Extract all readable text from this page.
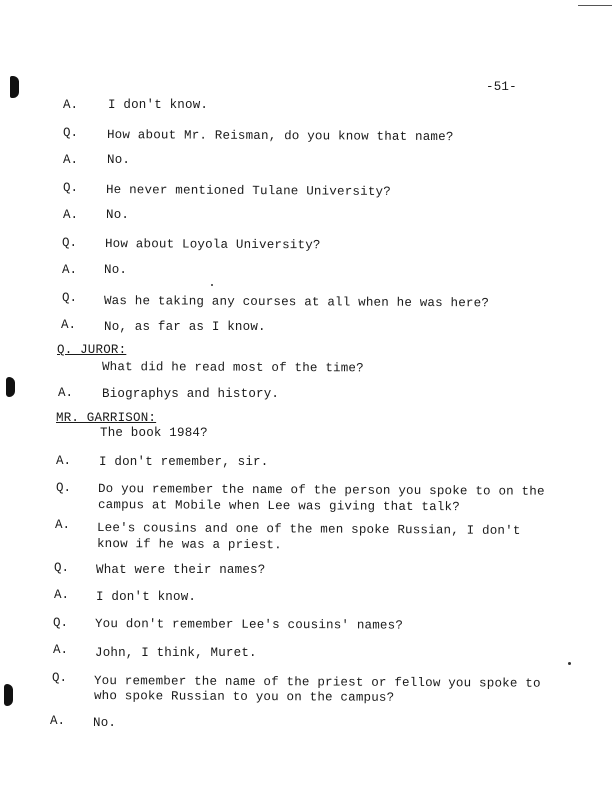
-51-
A. I don't know.
Q. How about Mr. Reisman, do you know that name?
A. No.
Q. He never mentioned Tulane University?
A. No.
Q. How about Loyola University?
A. No.
Q. Was he taking any courses at all when he was here?
A. No, as far as I know.
Q. JUROR:
What did he read most of the time?
A. Biographys and history.
MR. GARRISON:
The book 1984?
A. I don't remember, sir.
Q. Do you remember the name of the person you spoke to on the
campus at Mobile when Lee was giving that talk?
A. Lee's cousins and one of the men spoke Russian, I don't
know if he was a priest.
Q. What were their names?
A. I don't know.
Q. You don't remember Lee's cousins' names?
A. John, I think, Muret.
Q. You remember the name of the priest or fellow you spoke to
who spoke Russian to you on the campus?
A. No.
